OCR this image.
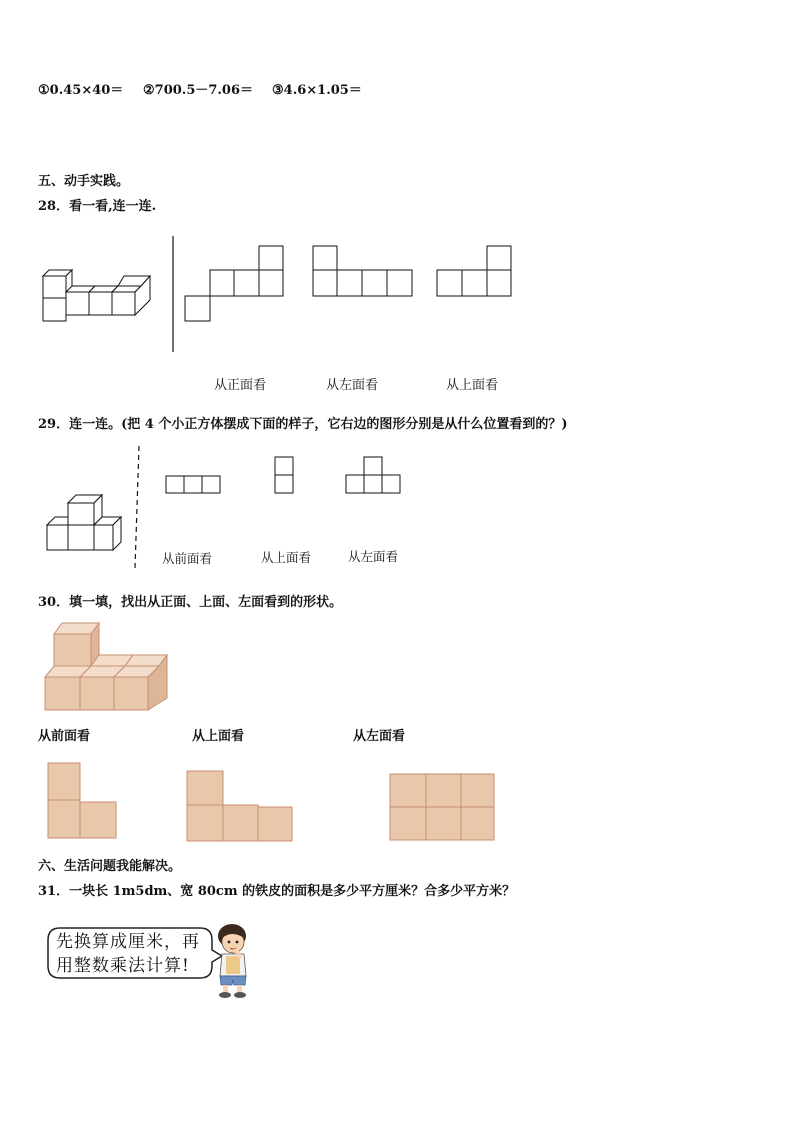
①0.45×40＝ ②700.5－7.06＝ ③4.6×1.05＝
五、动手实践。
28．看一看,连一连.
从正面看	从左面看	从上面看
29．连一连。(把 4 个小正方体摆成下面的样子，它右边的图形分别是从什么位置看到的？)
从前面看	从上面看	从左面看
30．填一填，找出从正面、上面、左面看到的形状。
从前面看	从上面看	从左面看
六、生活问题我能解决。
31．一块长 1m5dm、宽 80cm 的铁皮的面积是多少平方厘米？合多少平方米？
先换算成厘米，再
用整数乘法计算!
